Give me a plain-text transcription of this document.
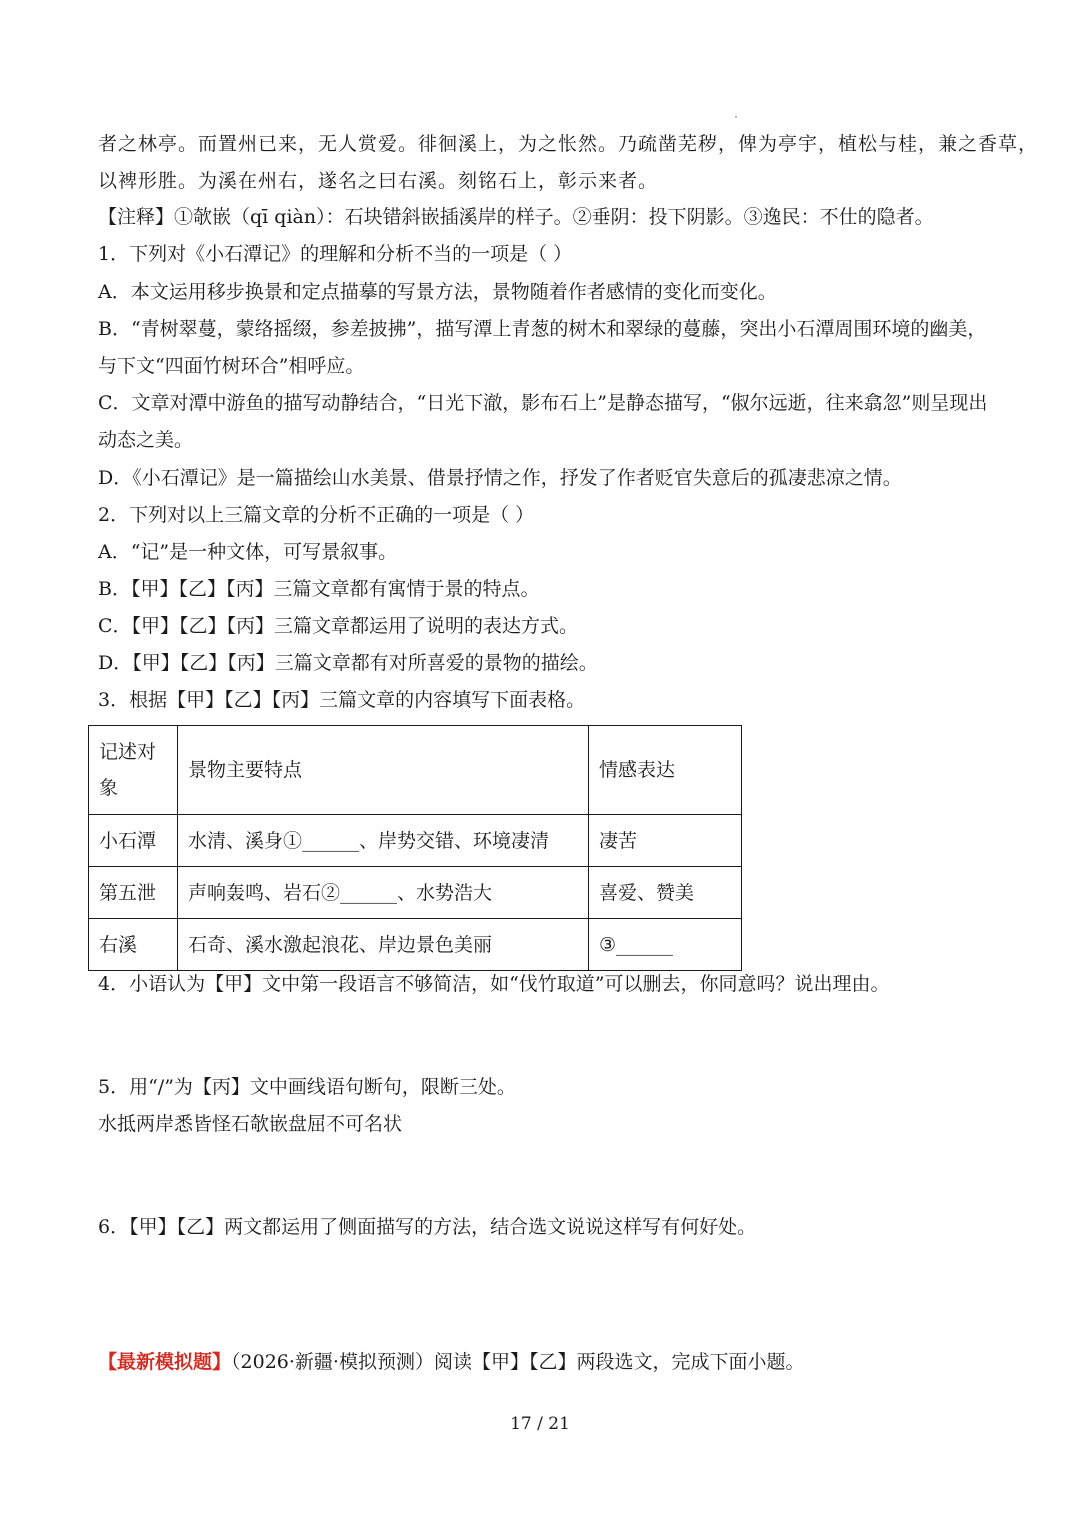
者之林亭。而置州已来，无人赏爱。徘徊溪上，为之怅然。乃疏凿芜秽，俾为亭宇，植松与桂，兼之香草，
以裨形胜。为溪在州右，遂名之曰右溪。刻铭石上，彰示来者。
【注释】①欹嵌（qī qiàn）：石块错斜嵌插溪岸的样子。②垂阴：投下阴影。③逸民：不仕的隐者。
1．下列对《小石潭记》的理解和分析不当的一项是（ ）
A．本文运用移步换景和定点描摹的写景方法，景物随着作者感情的变化而变化。
B．“青树翠蔓，蒙络摇缀，参差披拂”，描写潭上青葱的树木和翠绿的蔓藤，突出小石潭周围环境的幽美，
与下文“四面竹树环合”相呼应。
C．文章对潭中游鱼的描写动静结合，“日光下澈，影布石上”是静态描写，“俶尔远逝，往来翕忽”则呈现出
动态之美。
D．《小石潭记》是一篇描绘山水美景、借景抒情之作，抒发了作者贬官失意后的孤凄悲凉之情。
2．下列对以上三篇文章的分析不正确的一项是（ ）
A．“记”是一种文体，可写景叙事。
B．【甲】【乙】【丙】三篇文章都有寓情于景的特点。
C．【甲】【乙】【丙】三篇文章都运用了说明的表达方式。
D．【甲】【乙】【丙】三篇文章都有对所喜爱的景物的描绘。
3．根据【甲】【乙】【丙】三篇文章的内容填写下面表格。
记述对象	景物主要特点	情感表达
小石潭	水清、溪身①______、岸势交错、环境凄清	凄苦
第五泄	声响轰鸣、岩石②______、水势浩大	喜爱、赞美
右溪	石奇、溪水激起浪花、岸边景色美丽	③______
4．小语认为【甲】文中第一段语言不够简洁，如“伐竹取道”可以删去，你同意吗？说出理由。
5．用“/”为【丙】文中画线语句断句，限断三处。
水抵两岸悉皆怪石欹嵌盘屈不可名状
6．【甲】【乙】两文都运用了侧面描写的方法，结合选文说说这样写有何好处。
【最新模拟题】（2026·新疆·模拟预测）阅读【甲】【乙】两段选文，完成下面小题。
17 / 21
